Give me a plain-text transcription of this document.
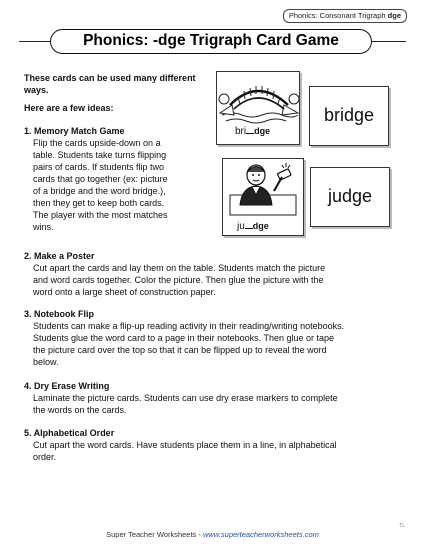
Phonics: Consonant Trigraph dge
Phonics: -dge Trigraph Card Game
These cards can be used many different ways.
Here are a few ideas:
1. Memory Match Game
Flip the cards upside-down on a
table. Students take turns flipping
pairs of cards. If students flip two
cards that go together (ex: picture
of a bridge and the word bridge.),
then they get to keep both cards.
The player with the most matches
wins.
2. Make a Poster
Cut apart the cards and lay them on the table. Students match the picture
and word cards together. Color the picture. Then glue the picture with the
word onto a large sheet of construction paper.
3. Notebook Flip
Students can make a flip-up reading activity in their reading/writing notebooks.
Students glue the word card to a page in their notebooks. Then glue or tape
the picture card over the top so that it can be flipped up to reveal the word
below.
4. Dry Erase Writing
Laminate the picture cards. Students can use dry erase markers to complete
the words on the cards.
5. Alphabetical Order
Cut apart the word cards. Have students place them in a line, in alphabetical
order.
bri dge
bridge
ju dge
judge
Super Teacher Worksheets - www.superteacherworksheets.com
TL
